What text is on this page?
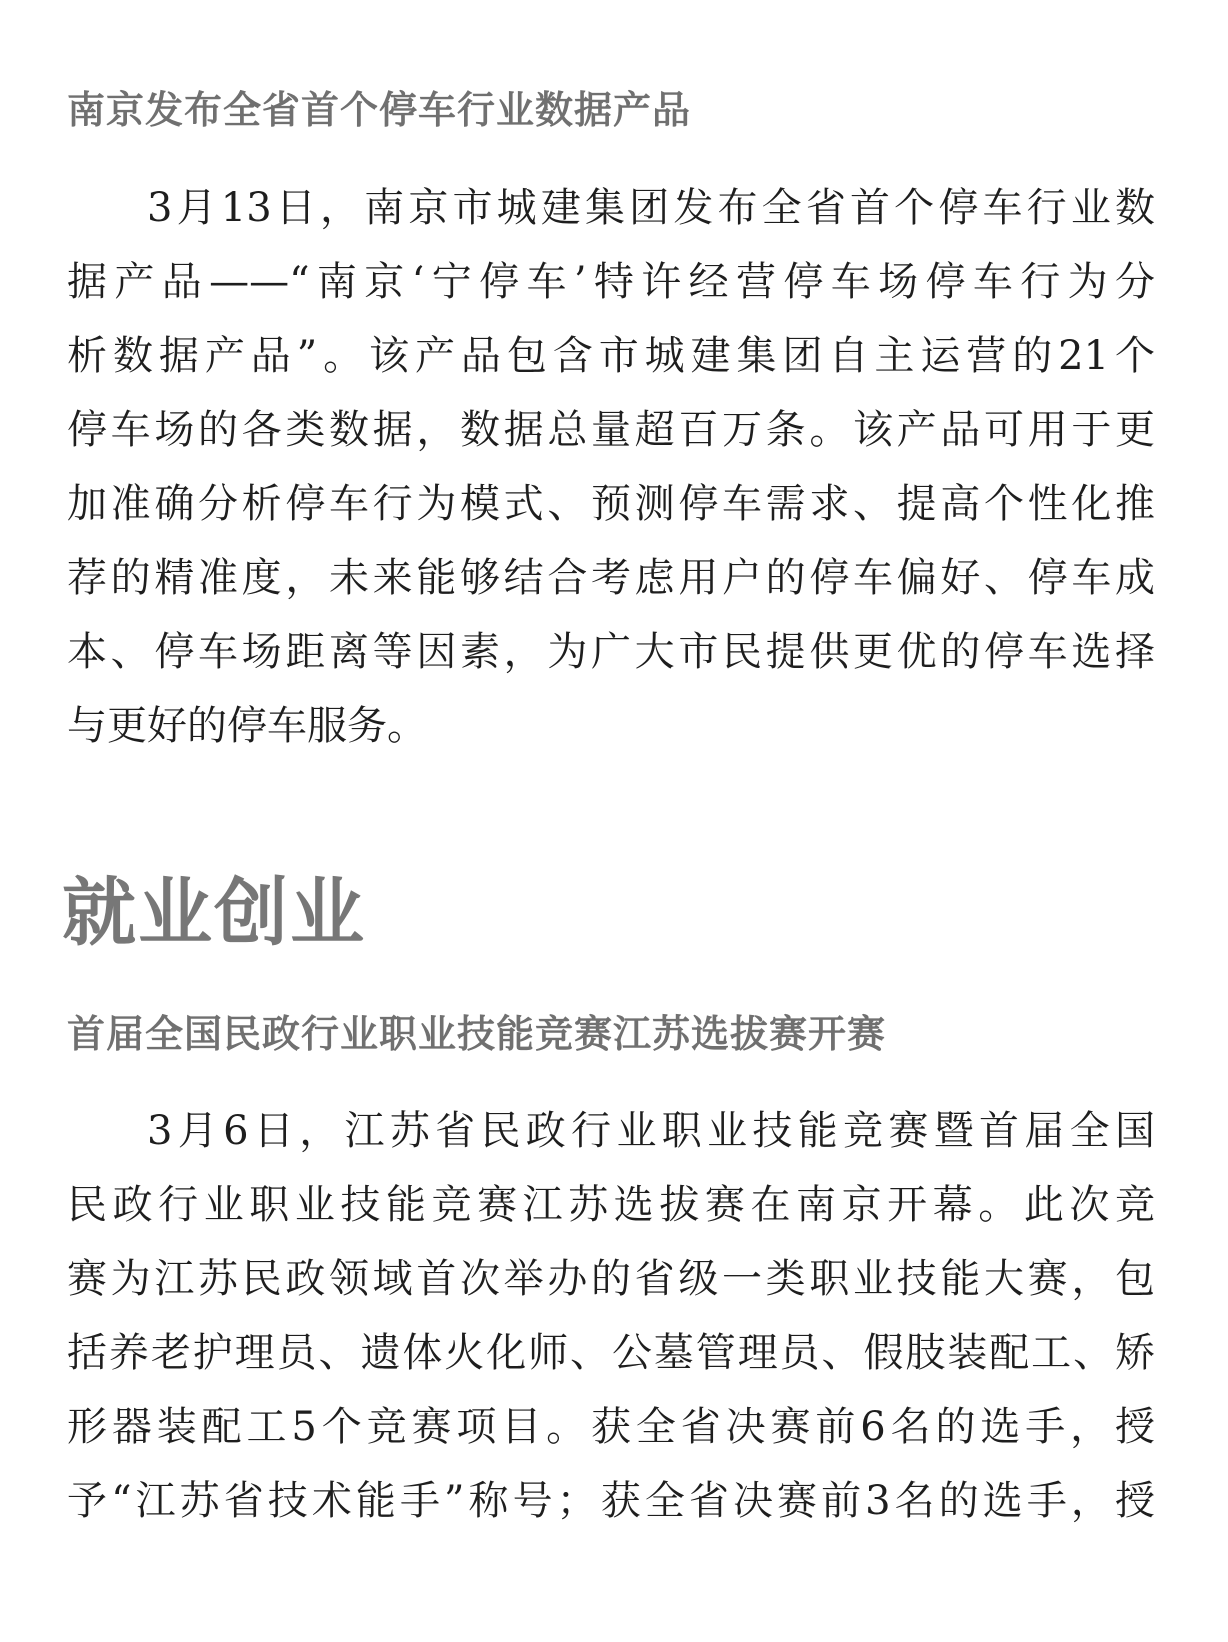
南京发布全省首个停车行业数据产品
3月13日，南京市城建集团发布全省首个停车行业数
据产品——“南京‘宁停车’特许经营停车场停车行为分
析数据产品”。该产品包含市城建集团自主运营的21个
停车场的各类数据，数据总量超百万条。该产品可用于更
加准确分析停车行为模式、预测停车需求、提高个性化推
荐的精准度，未来能够结合考虑用户的停车偏好、停车成
本、停车场距离等因素，为广大市民提供更优的停车选择
与更好的停车服务。
就业创业
首届全国民政行业职业技能竞赛江苏选拔赛开赛
3月6日，江苏省民政行业职业技能竞赛暨首届全国
民政行业职业技能竞赛江苏选拔赛在南京开幕。此次竞
赛为江苏民政领域首次举办的省级一类职业技能大赛，包
括养老护理员、遗体火化师、公墓管理员、假肢装配工、矫
形器装配工5个竞赛项目。获全省决赛前6名的选手，授
予“江苏省技术能手”称号；获全省决赛前3名的选手，授
